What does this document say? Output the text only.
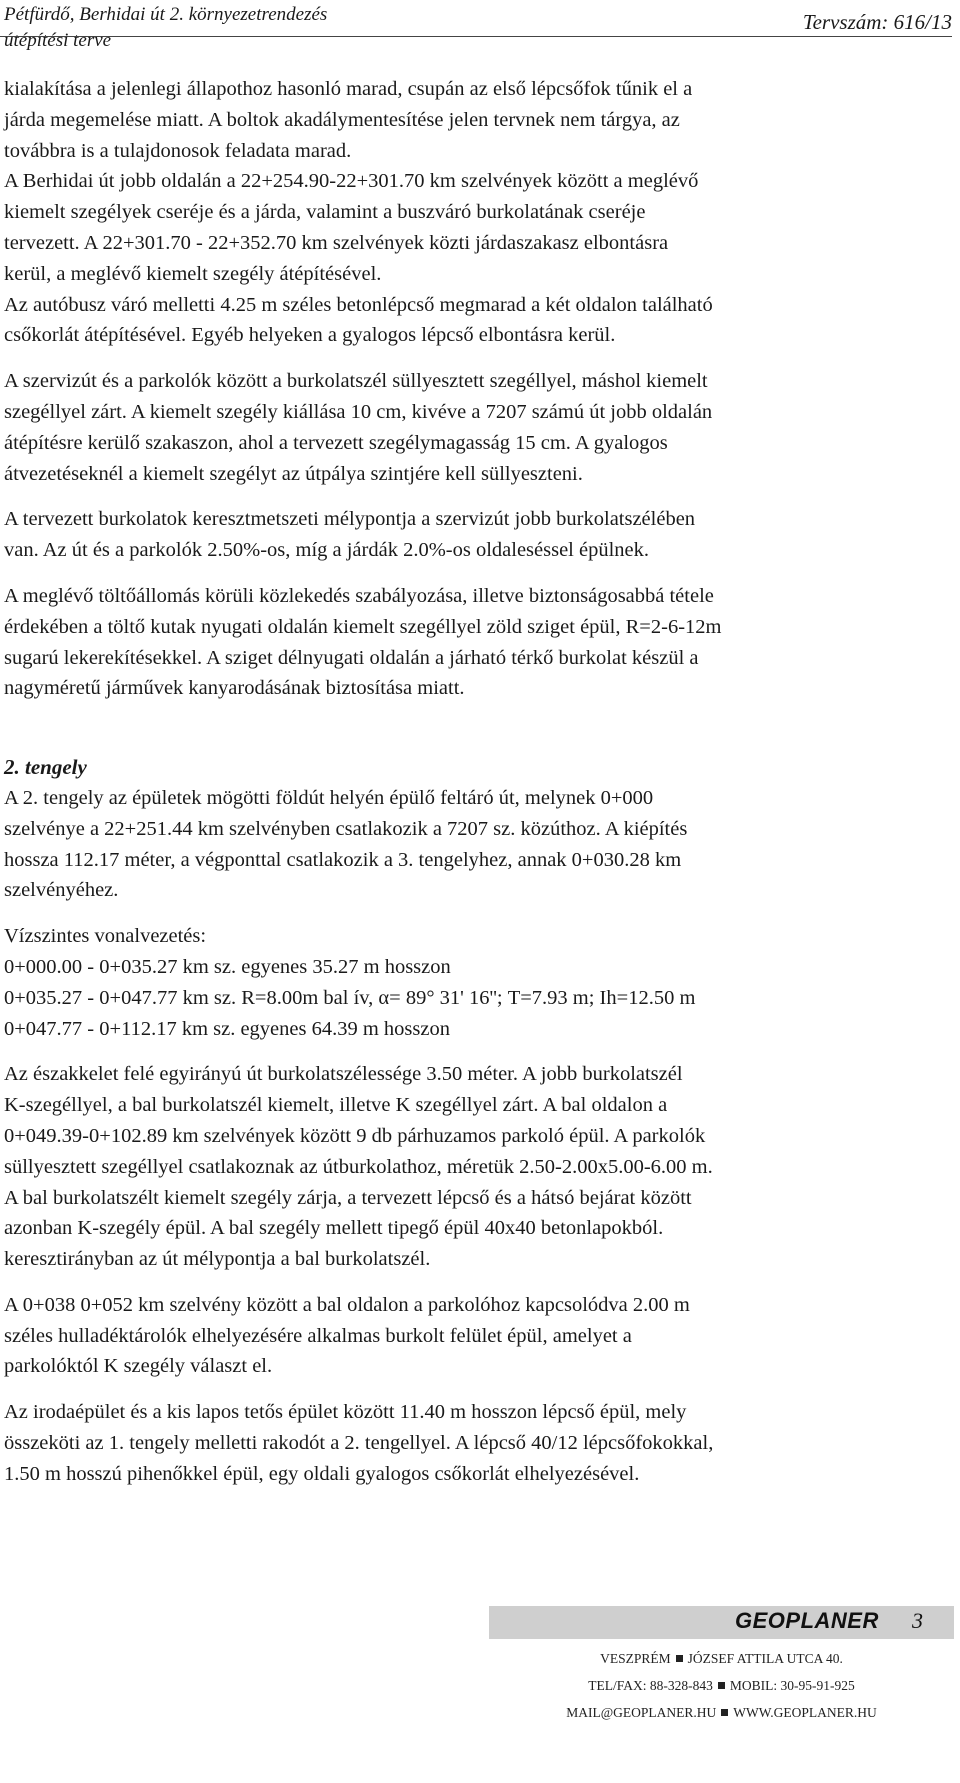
Pétfürdő, Berhidai út 2. környezetrendezés
útépítési terve
Tervszám: 616/13

kialakítása a jelenlegi állapothoz hasonló marad, csupán az első lépcsőfok tűnik el a
járda megemelése miatt. A boltok akadálymentesítése jelen tervnek nem tárgya, az
továbbra is a tulajdonosok feladata marad.

A Berhidai út jobb oldalán a 22+254.90-22+301.70 km szelvények között a meglévő
kiemelt szegélyek cseréje és a járda, valamint a buszváró burkolatának cseréje
tervezett. A 22+301.70 - 22+352.70 km szelvények közti járdaszakasz elbontásra
kerül, a meglévő kiemelt szegély átépítésével.

Az autóbusz váró melletti 4.25 m széles betonlépcső megmarad a két oldalon található
csőkorlát átépítésével. Egyéb helyeken a gyalogos lépcső elbontásra kerül.

A szervizút és a parkolók között a burkolatszél süllyesztett szegéllyel, máshol kiemelt
szegéllyel zárt. A kiemelt szegély kiállása 10 cm, kivéve a 7207 számú út jobb oldalán
átépítésre kerülő szakaszon, ahol a tervezett szegélymagasság 15 cm. A gyalogos
átvezetéseknél a kiemelt szegélyt az útpálya szintjére kell süllyeszteni.

A tervezett burkolatok keresztmetszeti mélypontja a szervizút jobb burkolatszélében
van. Az út és a parkolók 2.50%-os, míg a járdák 2.0%-os oldaleséssel épülnek.

A meglévő töltőállomás körüli közlekedés szabályozása, illetve biztonságosabbá tétele
érdekében a töltő kutak nyugati oldalán kiemelt szegéllyel zöld sziget épül, R=2-6-12m
sugarú lekerekítésekkel. A sziget délnyugati oldalán a járható térkő burkolat készül a
nagyméretű járművek kanyarodásának biztosítása miatt.

2. tengely

A 2. tengely az épületek mögötti földút helyén épülő feltáró út, melynek 0+000
szelvénye a 22+251.44 km szelvényben csatlakozik a 7207 sz. közúthoz. A kiépítés
hossza 112.17 méter, a végponttal csatlakozik a 3. tengelyhez, annak 0+030.28 km
szelvényéhez.

Vízszintes vonalvezetés:

0+000.00 - 0+035.27 km sz. egyenes 35.27 m hosszon
0+035.27 - 0+047.77 km sz. R=8.00m bal ív, α= 89° 31' 16''; T=7.93 m; Ih=12.50 m
0+047.77 - 0+112.17 km sz. egyenes 64.39 m hosszon

Az északkelet felé egyirányú út burkolatszélessége 3.50 méter. A jobb burkolatszél
K-szegéllyel, a bal burkolatszél kiemelt, illetve K szegéllyel zárt. A bal oldalon a
0+049.39-0+102.89 km szelvények között 9 db párhuzamos parkoló épül. A parkolók
süllyesztett szegéllyel csatlakoznak az útburkolathoz, méretük 2.50-2.00x5.00-6.00 m.
A bal burkolatszélt kiemelt szegély zárja, a tervezett lépcső és a hátsó bejárat között
azonban K-szegély épül. A bal szegély mellett tipegő épül 40x40 betonlapokból.
keresztirányban az út mélypontja a bal burkolatszél.

A 0+038 0+052 km szelvény között a bal oldalon a parkolóhoz kapcsolódva 2.00 m
széles hulladéktárolók elhelyezésére alkalmas burkolt felület épül, amelyet a
parkolóktól K szegély választ el.

Az irodaépület és a kis lapos tetős épület között 11.40 m hosszon lépcső épül, mely
összeköti az 1. tengely melletti rakodót a 2. tengellyel. A lépcső 40/12 lépcsőfokokkal,
1.50 m hosszú pihenőkkel épül, egy oldali gyalogos csőkorlát elhelyezésével.

GEOPLANER 3
VESZPRÉM JÓZSEF ATTILA UTCA 40.
TEL/FAX: 88-328-843 MOBIL: 30-95-91-925
MAIL@GEOPLANER.HU WWW.GEOPLANER.HU
